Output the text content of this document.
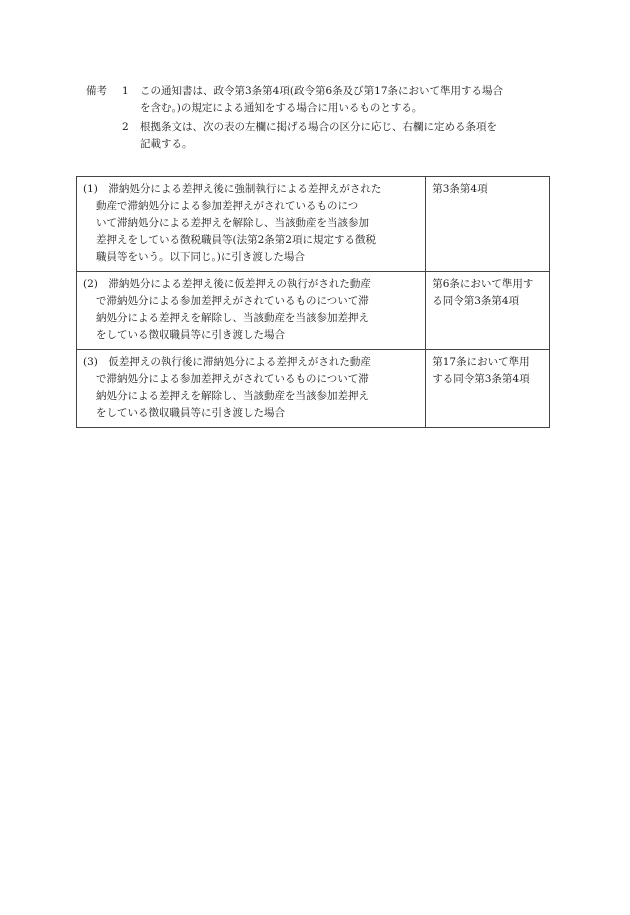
備考	1	この通知書は、政令第3条第4項(政令第6条及び第17条において準用する場合
を含む。)の規定による通知をする場合に用いるものとする。
2	根拠条文は、次の表の左欄に掲げる場合の区分に応じ、右欄に定める条項を
記載する。
(1)　滞納処分による差押え後に強制執行による差押えがされた
動産で滞納処分による参加差押えがされているものにつ
いて滞納処分による差押えを解除し、当該動産を当該参加
差押えをしている徴税職員等(法第2条第2項に規定する徴税
職員等をいう。以下同じ。)に引き渡した場合	第3条第4項

(2)　滞納処分による差押え後に仮差押えの執行がされた動産
で滞納処分による参加差押えがされているものについて滞
納処分による差押えを解除し、当該動産を当該参加差押え
をしている徴収職員等に引き渡した場合	第6条において準用す
る同令第3条第4項

(3)　仮差押えの執行後に滞納処分による差押えがされた動産
で滞納処分による参加差押えがされているものについて滞
納処分による差押えを解除し、当該動産を当該参加差押え
をしている徴収職員等に引き渡した場合	第17条において準用
する同令第3条第4項
